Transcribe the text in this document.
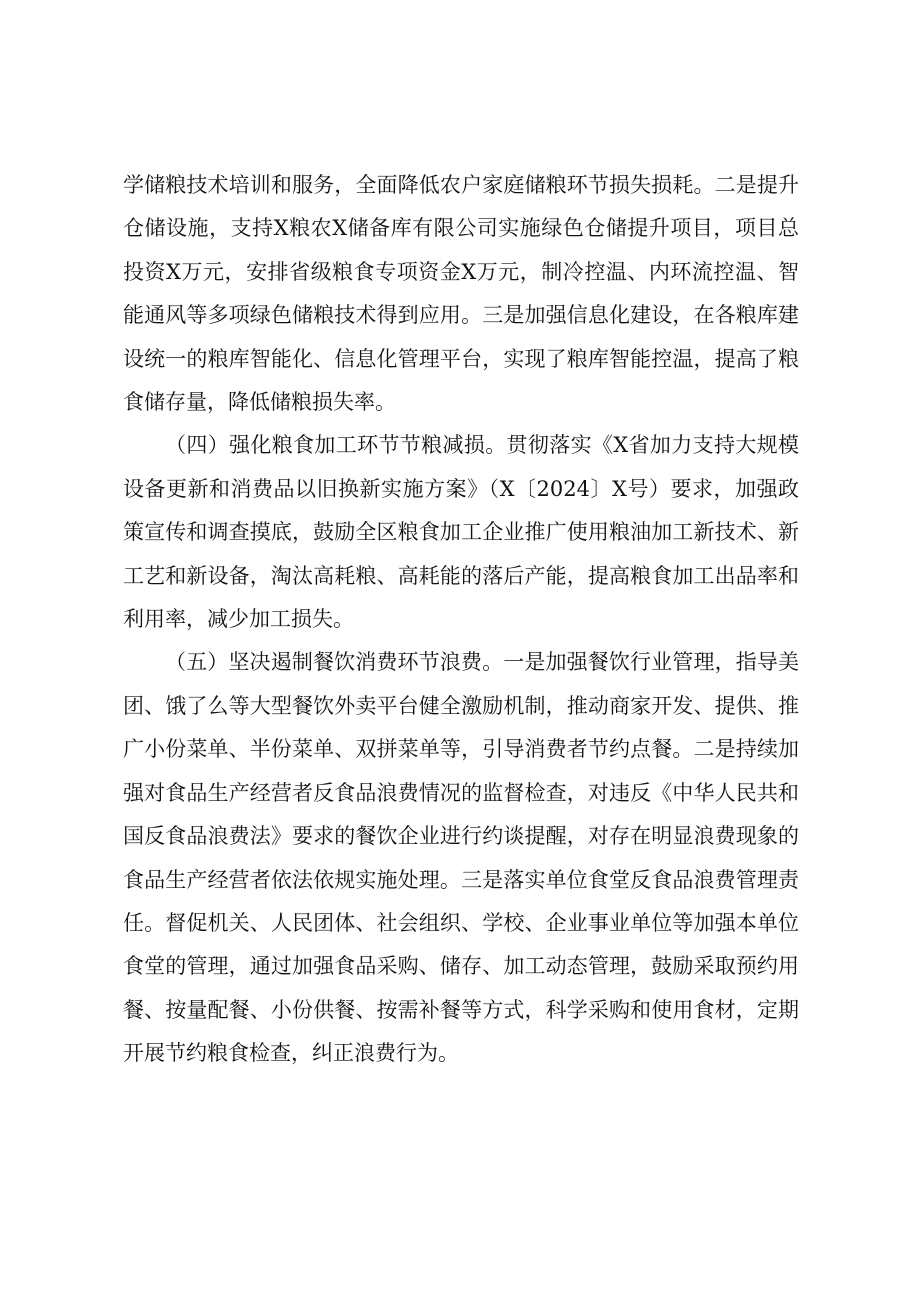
学储粮技术培训和服务，全面降低农户家庭储粮环节损失损耗。二是提升仓储设施，支持X粮农X储备库有限公司实施绿色仓储提升项目，项目总投资X万元，安排省级粮食专项资金X万元，制冷控温、内环流控温、智能通风等多项绿色储粮技术得到应用。三是加强信息化建设，在各粮库建设统一的粮库智能化、信息化管理平台，实现了粮库智能控温，提高了粮食储存量，降低储粮损失率。

（四）强化粮食加工环节节粮减损。贯彻落实《X省加力支持大规模设备更新和消费品以旧换新实施方案》（X〔2024〕X号）要求，加强政策宣传和调查摸底，鼓励全区粮食加工企业推广使用粮油加工新技术、新工艺和新设备，淘汰高耗粮、高耗能的落后产能，提高粮食加工出品率和利用率，减少加工损失。

（五）坚决遏制餐饮消费环节浪费。一是加强餐饮行业管理，指导美团、饿了么等大型餐饮外卖平台健全激励机制，推动商家开发、提供、推广小份菜单、半份菜单、双拼菜单等，引导消费者节约点餐。二是持续加强对食品生产经营者反食品浪费情况的监督检查，对违反《中华人民共和国反食品浪费法》要求的餐饮企业进行约谈提醒，对存在明显浪费现象的食品生产经营者依法依规实施处理。三是落实单位食堂反食品浪费管理责任。督促机关、人民团体、社会组织、学校、企业事业单位等加强本单位食堂的管理，通过加强食品采购、储存、加工动态管理，鼓励采取预约用餐、按量配餐、小份供餐、按需补餐等方式，科学采购和使用食材，定期开展节约粮食检查，纠正浪费行为。
